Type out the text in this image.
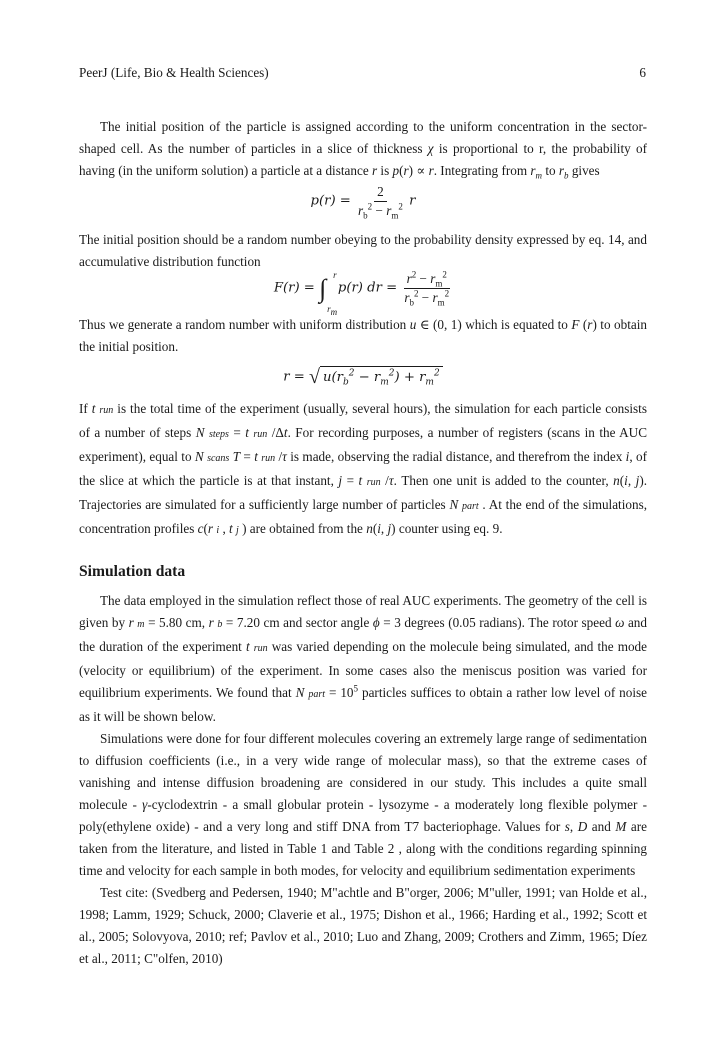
PeerJ (Life, Bio & Health Sciences)	6

The initial position of the particle is assigned according to the uniform concentration in the sector-shaped cell. As the number of particles in a slice of thickness χ is proportional to r, the probability of having (in the uniform solution) a particle at a distance r is p(r) ∝ r. Integrating from $r_m$ to $r_b$ gives

$p(r) = \frac{2}{r_b^2 - r_m^2}$ r

The initial position should be a random number obeying to the probability density expressed by eq. 14, and accumulative distribution function

F(r) = ∫ r
$r_m$
p(r) dr = $\frac{r^2 - r_m^2}{r_b^2 - r_m^2}$

Thus we generate a random number with uniform distribution u ∈ (0, 1) which is equated to F (r) to obtain the initial position.

r = √ $u(r_b^2 - r_m^2) + r_m^2$

If t run is the total time of the experiment (usually, several hours), the simulation for each particle consists of a number of steps N steps = t run /Δt. For recording purposes, a number of registers (scans in the AUC experiment), equal to N scans T = t run /τ is made, observing the radial distance, and therefrom the index i, of the slice at which the particle is at that instant, j = t run /τ. Then one unit is added to the counter, n(i, j). Trajectories are simulated for a sufficiently large number of particles N part . At the end of the simulations, concentration profiles c(r i , t j ) are obtained from the n(i, j) counter using eq. 9.

Simulation data

The data employed in the simulation reflect those of real AUC experiments. The geometry of the cell is given by r m = 5.80 cm, r b = 7.20 cm and sector angle ϕ = 3 degrees (0.05 radians). The rotor speed ω and the duration of the experiment t run was varied depending on the molecule being simulated, and the mode (velocity or equilibrium) of the experiment. In some cases also the meniscus position was varied for equilibrium experiments. We found that N part = $10^5$ particles suffices to obtain a rather low level of noise as it will be shown below.

Simulations were done for four different molecules covering an extremely large range of sedimentation to diffusion coefficients (i.e., in a very wide range of molecular mass), so that the extreme cases of vanishing and intense diffusion broadening are considered in our study. This includes a quite small molecule - γ-cyclodextrin - a small globular protein - lysozyme - a moderately long flexible polymer - poly(ethylene oxide) - and a very long and stiff DNA from T7 bacteriophage. Values for s, D and M are taken from the literature, and listed in Table 1 and Table 2 , along with the conditions regarding spinning time and velocity for each sample in both modes, for velocity and equilibrium sedimentation experiments

Test cite: (Svedberg and Pedersen, 1940; M"achtle and B"orger, 2006; M"uller, 1991; van Holde et al., 1998; Lamm, 1929; Schuck, 2000; Claverie et al., 1975; Dishon et al., 1966; Harding et al., 1992; Scott et al., 2005; Solovyova, 2010; ref; Pavlov et al., 2010; Luo and Zhang, 2009; Crothers and Zimm, 1965; Díez et al., 2011; C"olfen, 2010)
